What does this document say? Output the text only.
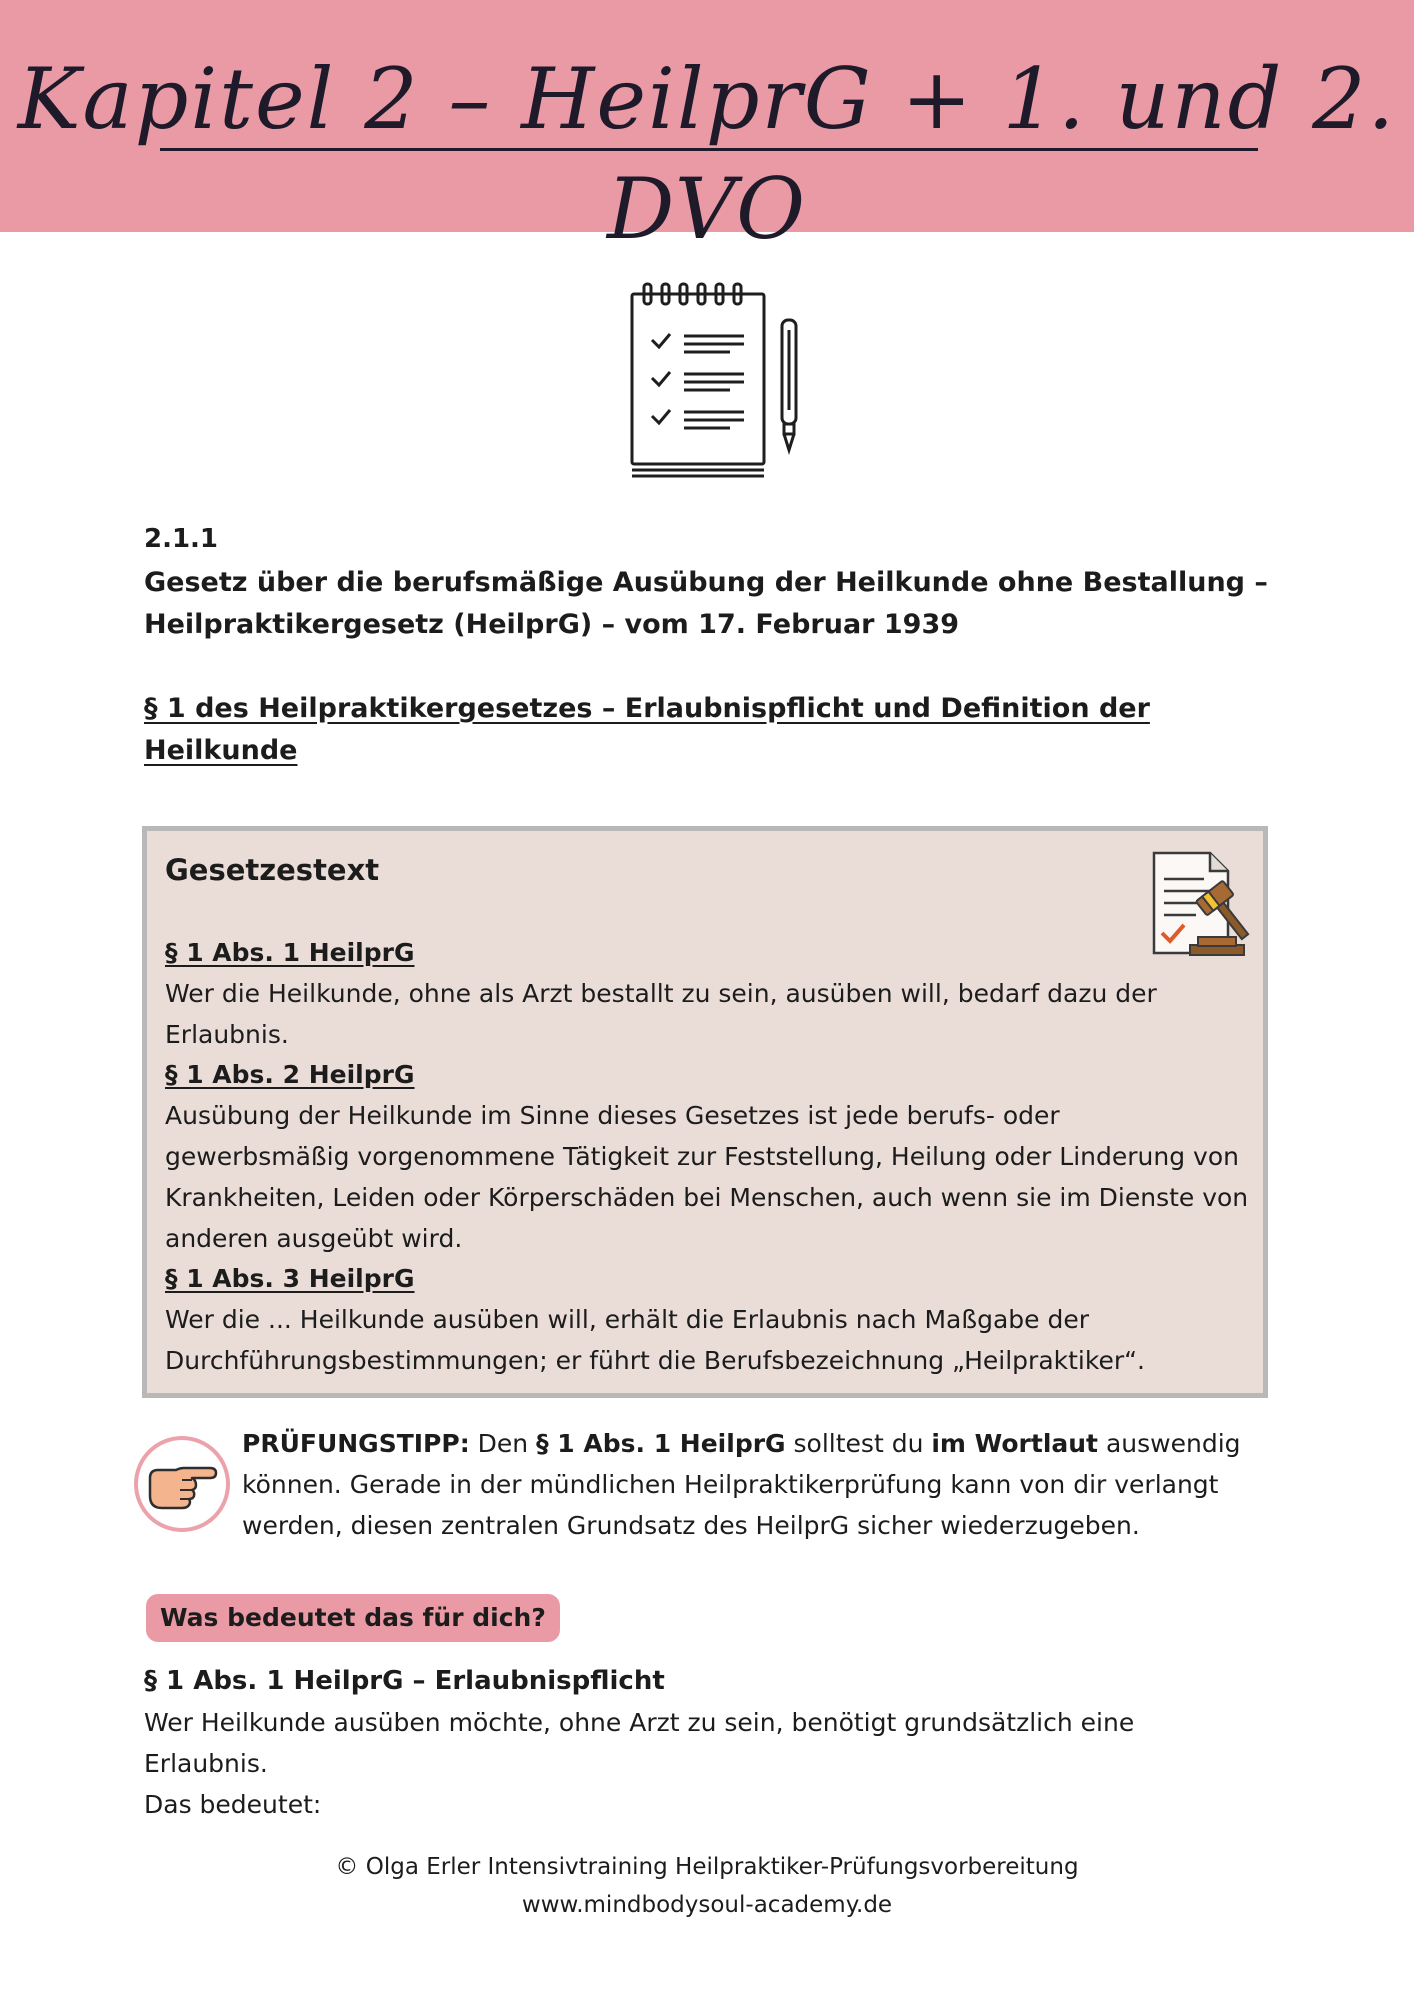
Kapitel 2 – HeilprG + 1. und 2. DVO
2.1.1
Gesetz über die berufsmäßige Ausübung der Heilkunde ohne Bestallung – Heilpraktikergesetz (HeilprG) – vom 17. Februar 1939
§ 1 des Heilpraktikergesetzes – Erlaubnispflicht und Definition der Heilkunde
Gesetzestext
§ 1 Abs. 1 HeilprG
Wer die Heilkunde, ohne als Arzt bestallt zu sein, ausüben will, bedarf dazu der Erlaubnis.
§ 1 Abs. 2 HeilprG
Ausübung der Heilkunde im Sinne dieses Gesetzes ist jede berufs- oder gewerbsmäßig vorgenommene Tätigkeit zur Feststellung, Heilung oder Linderung von Krankheiten, Leiden oder Körperschäden bei Menschen, auch wenn sie im Dienste von anderen ausgeübt wird.
§ 1 Abs. 3 HeilprG
Wer die ... Heilkunde ausüben will, erhält die Erlaubnis nach Maßgabe der Durchführungsbestimmungen; er führt die Berufsbezeichnung „Heilpraktiker“.
PRÜFUNGSTIPP: Den § 1 Abs. 1 HeilprG solltest du im Wortlaut auswendig können. Gerade in der mündlichen Heilpraktikerprüfung kann von dir verlangt werden, diesen zentralen Grundsatz des HeilprG sicher wiederzugeben.
Was bedeutet das für dich?
§ 1 Abs. 1 HeilprG – Erlaubnispflicht
Wer Heilkunde ausüben möchte, ohne Arzt zu sein, benötigt grundsätzlich eine Erlaubnis.
Das bedeutet:
© Olga Erler Intensivtraining Heilpraktiker-Prüfungsvorbereitung
www.mindbodysoul-academy.de
